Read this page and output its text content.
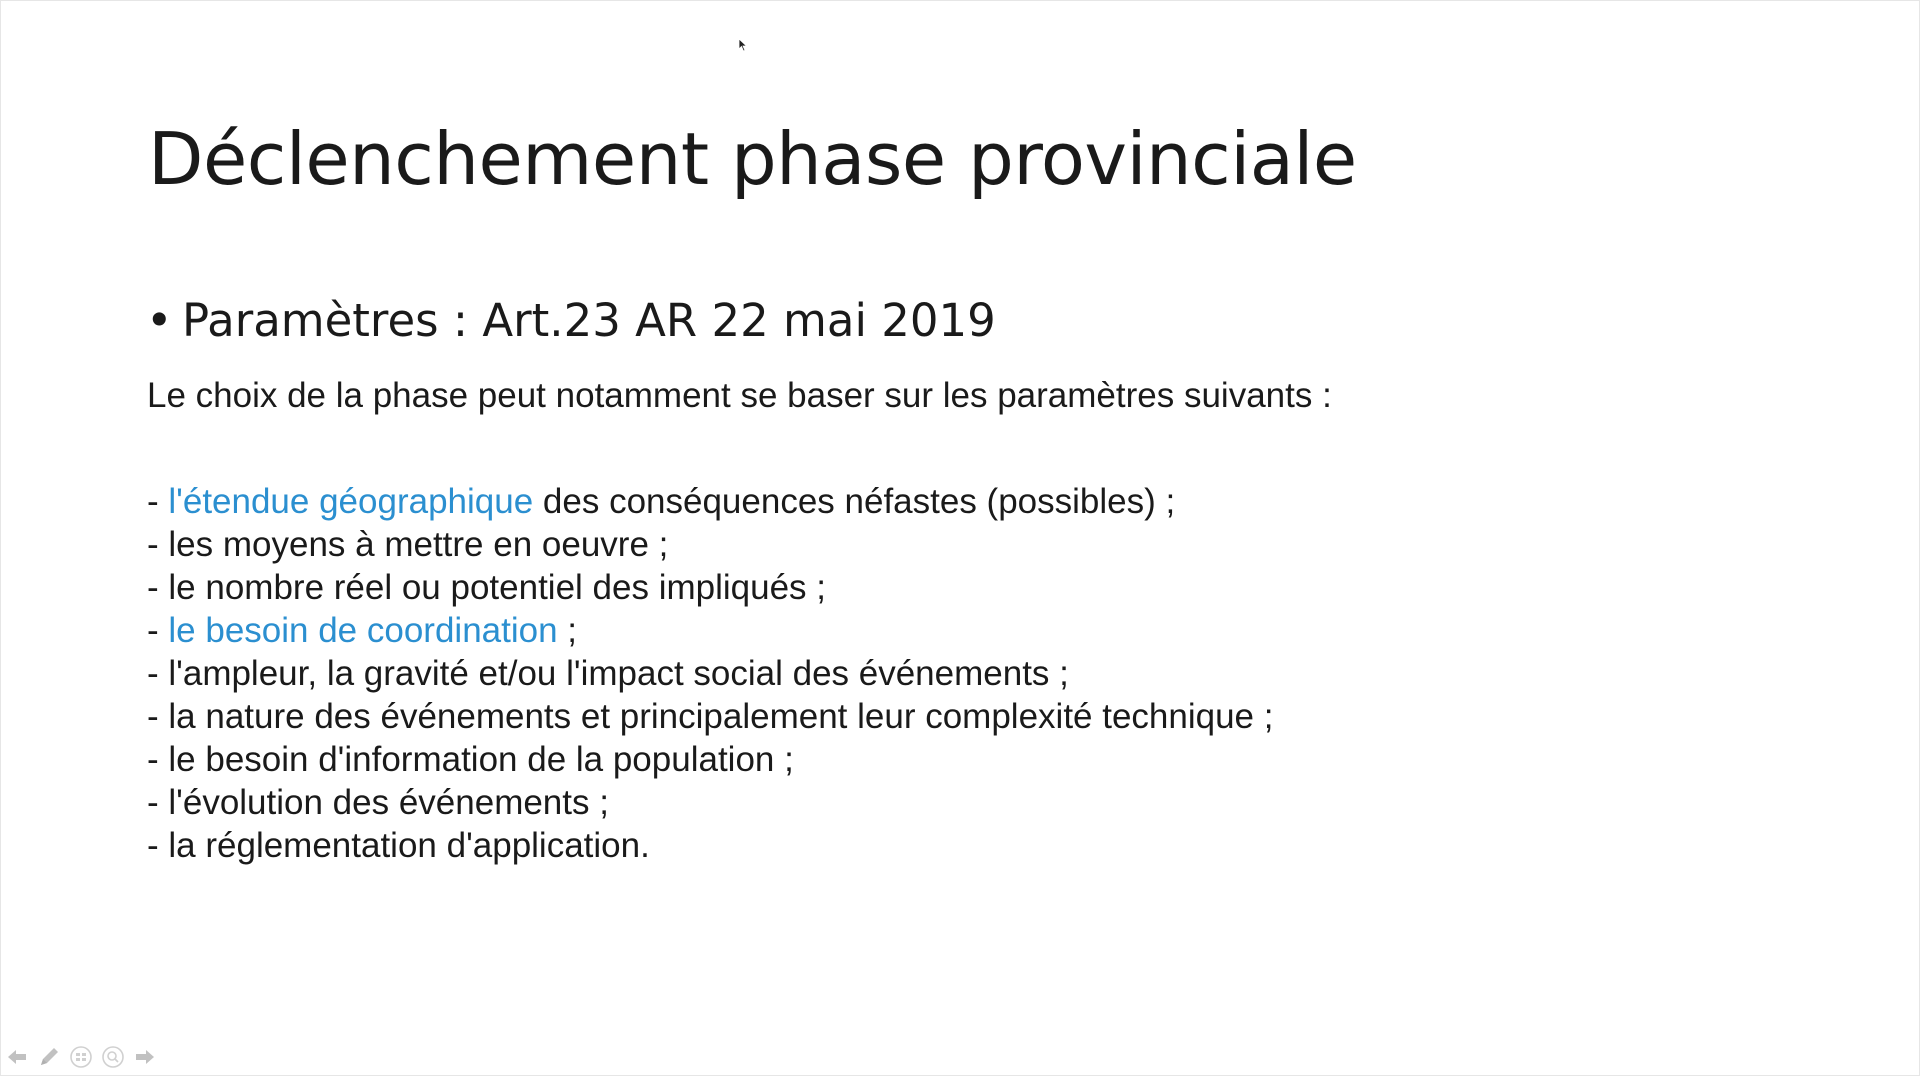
Déclenchement phase provinciale
• Paramètres : Art.23 AR 22 mai 2019
Le choix de la phase peut notamment se baser sur les paramètres suivants :
- l'étendue géographique des conséquences néfastes (possibles) ;
- les moyens à mettre en oeuvre ;
- le nombre réel ou potentiel des impliqués ;
- le besoin de coordination ;
- l'ampleur, la gravité et/ou l'impact social des événements ;
- la nature des événements et principalement leur complexité technique ;
- le besoin d'information de la population ;
- l'évolution des événements ;
- la réglementation d'application.
